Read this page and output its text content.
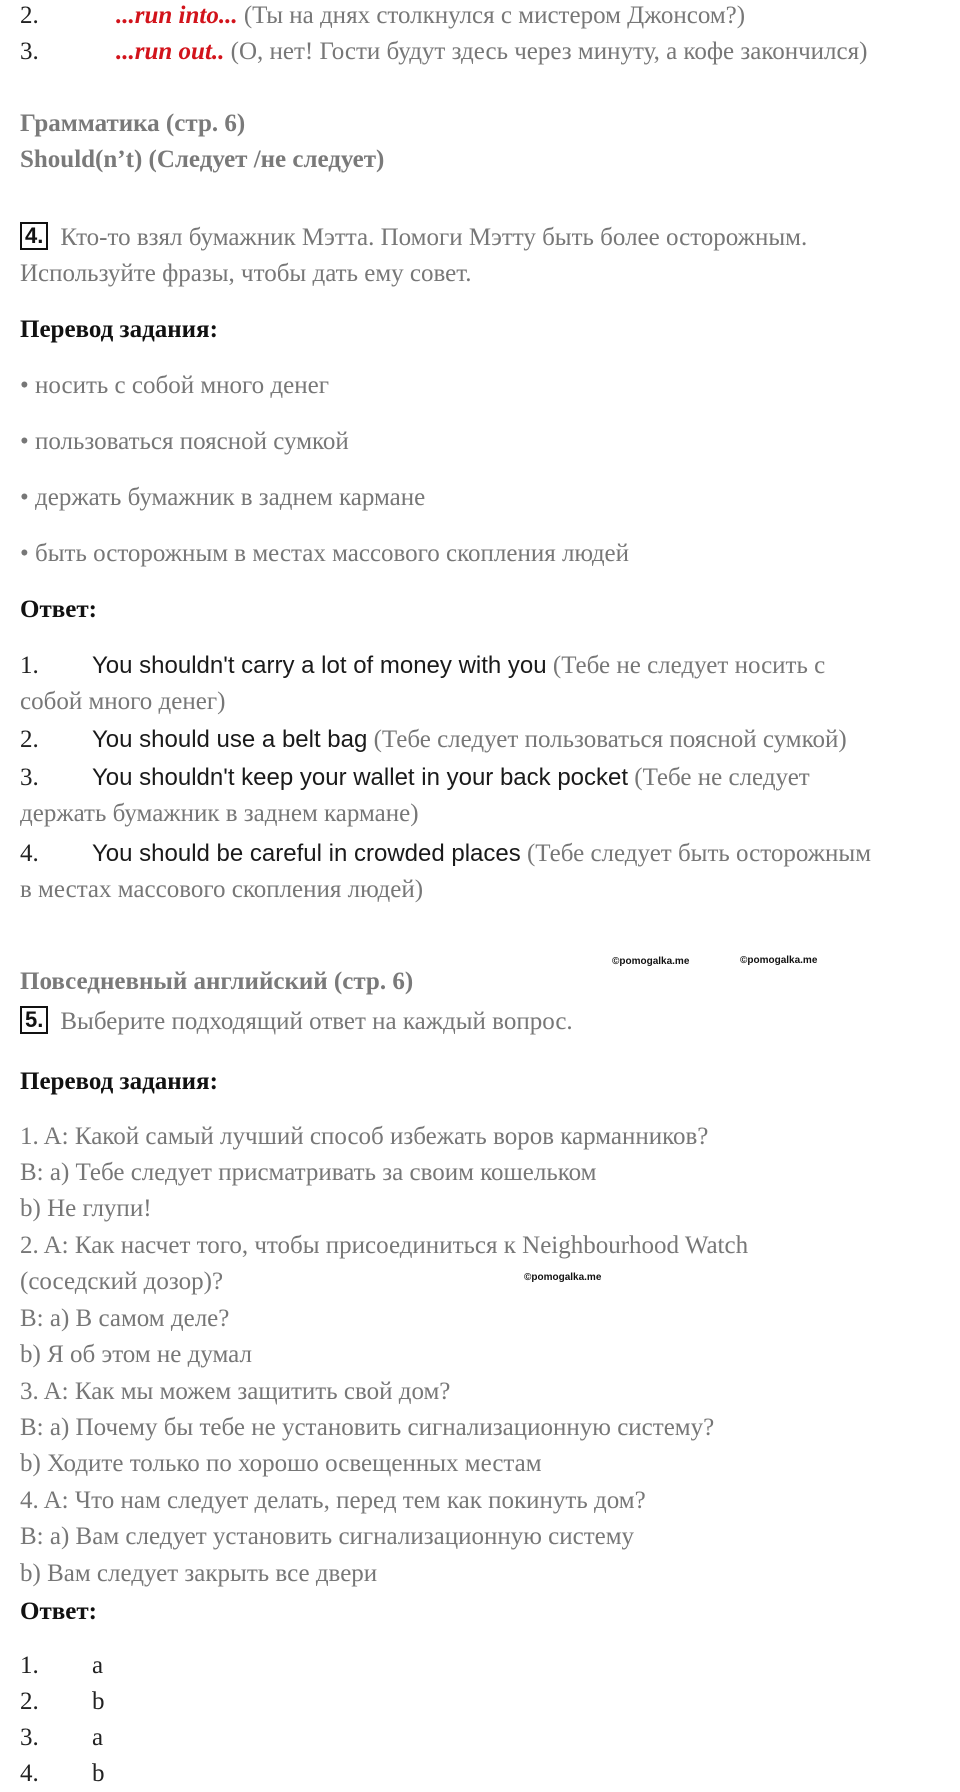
2.	...run into... (Ты на днях столкнулся с мистером Джонсом?)
3.	...run out.. (О, нет! Гости будут здесь через минуту, а кофе закончился)
Грамматика (стр. 6)
Should(n’t) (Следует /не следует)
4. Кто-то взял бумажник Мэтта. Помоги Мэтту быть более осторожным.
Используйте фразы, чтобы дать ему совет.
Перевод задания:
• носить с собой много денег
• пользоваться поясной сумкой
• держать бумажник в заднем кармане
• быть осторожным в местах массового скопления людей
Ответ:
1. You shouldn't carry a lot of money with you (Тебе не следует носить с
собой много денег)
2. You should use a belt bag (Тебе следует пользоваться поясной сумкой)
3. You shouldn't keep your wallet in your back pocket (Тебе не следует
держать бумажник в заднем кармане)
4. You should be careful in crowded places (Тебе следует быть осторожным
в местах массового скопления людей)
Повседневный английский (стр. 6)
5. Выберите подходящий ответ на каждый вопрос.
Перевод задания:
1. A: Какой самый лучший способ избежать воров карманников?
B: a) Тебе следует присматривать за своим кошельком
b) Не глупи!
2. A: Как насчет того, чтобы присоединиться к Neighbourhood Watch
(соседский дозор)?
B: a) В самом деле?
b) Я об этом не думал
3. A: Как мы можем защитить свой дом?
B: a) Почему бы тебе не установить сигнализационную систему?
b) Ходите только по хорошо освещенных местам
4. A: Что нам следует делать, перед тем как покинуть дом?
B: a) Вам следует установить сигнализационную систему
b) Вам следует закрыть все двери
Ответ:
1. a
2. b
3. a
4. b
©pomogalka.me	©pomogalka.me
©pomogalka.me
